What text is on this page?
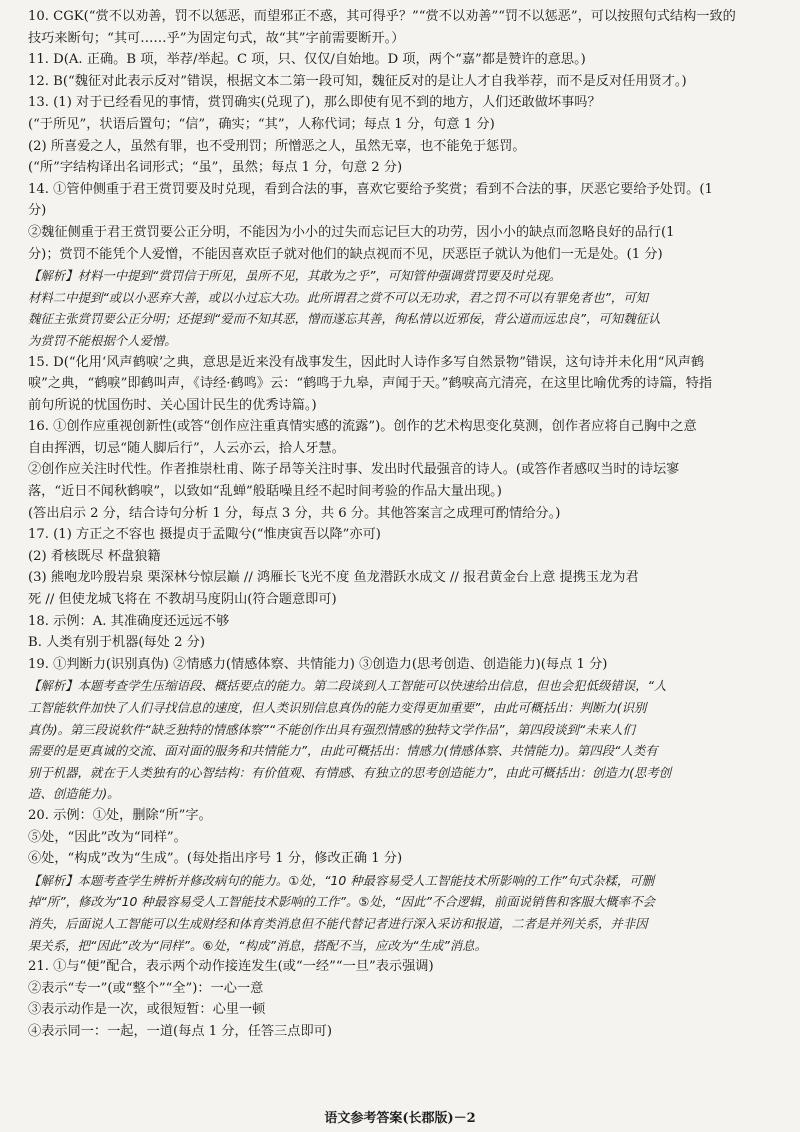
10. CGK(“赏不以劝善，罚不以惩恶，而望邪正不惑，其可得乎？”“赏不以劝善”“罚不以惩恶”，可以按照句式结构一致的
技巧来断句；“其可……乎”为固定句式，故“其”字前需要断开。）
11. D(A. 正确。B 项，举荐/举起。C 项，只、仅仅/自始地。D 项，两个“嘉”都是赞许的意思。)
12. B(“魏征对此表示反对”错误，根据文本二第一段可知，魏征反对的是让人才自我举荐，而不是反对任用贤才。)
13. (1) 对于已经看见的事情，赏罚确实(兑现了)，那么即使有见不到的地方，人们还敢做坏事吗？
(“于所见”，状语后置句；“信”，确实；“其”，人称代词；每点 1 分，句意 1 分)
(2) 所喜爱之人，虽然有罪，也不受刑罚；所憎恶之人，虽然无辜，也不能免于惩罚。
(“所”字结构译出名词形式；“虽”，虽然；每点 1 分，句意 2 分)
14. ①管仲侧重于君王赏罚要及时兑现，看到合法的事，喜欢它要给予奖赏；看到不合法的事，厌恶它要给予处罚。(1
分)
②魏征侧重于君王赏罚要公正分明，不能因为小小的过失而忘记巨大的功劳，因小小的缺点而忽略良好的品行(1
分)；赏罚不能凭个人爱憎，不能因喜欢臣子就对他们的缺点视而不见，厌恶臣子就认为他们一无是处。(1 分)
【解析】材料一中提到“赏罚信于所见，虽所不见，其敢为之乎”，可知管仲强调赏罚要及时兑现。
材料二中提到“或以小恶弃大善，或以小过忘大功。此所谓君之赏不可以无功求，君之罚不可以有罪免者也”，可知
魏征主张赏罚要公正分明；还提到“爱而不知其恶，憎而遂忘其善，徇私情以近邪佞，背公道而远忠良”，可知魏征认
为赏罚不能根据个人爱憎。
15. D(“化用‘风声鹤唳’之典，意思是近来没有战事发生，因此时人诗作多写自然景物”错误，这句诗并未化用“风声鹤
唳”之典，“鹤唳”即鹤叫声，《诗经·鹤鸣》云：“鹤鸣于九皋，声闻于天。”鹤唳高亢清亮，在这里比喻优秀的诗篇，特指
前句所说的忧国伤时、关心国计民生的优秀诗篇。)
16. ①创作应重视创新性(或答“创作应注重真情实感的流露”)。创作的艺术构思变化莫测，创作者应将自己胸中之意
自由挥洒，切忌“随人脚后行”，人云亦云，拾人牙慧。
②创作应关注时代性。作者推崇杜甫、陈子昂等关注时事、发出时代最强音的诗人。(或答作者感叹当时的诗坛寥
落，“近日不闻秋鹤唳”，以致如“乱蝉”般聒噪且经不起时间考验的作品大量出现。)
(答出启示 2 分，结合诗句分析 1 分，每点 3 分，共 6 分。其他答案言之成理可酌情给分。)
17. (1) 方正之不容也 摄提贞于孟陬兮(“惟庚寅吾以降”亦可)
(2) 肴核既尽 杯盘狼籍
(3) 熊咆龙吟殷岩泉 栗深林兮惊层巅 // 鸿雁长飞光不度 鱼龙潜跃水成文 // 报君黄金台上意 提携玉龙为君
死 // 但使龙城飞将在 不教胡马度阴山(符合题意即可)
18. 示例：A. 其准确度还远远不够
B. 人类有别于机器(每处 2 分)
19. ①判断力(识别真伪) ②情感力(情感体察、共情能力) ③创造力(思考创造、创造能力)(每点 1 分)
【解析】本题考查学生压缩语段、概括要点的能力。第二段谈到人工智能可以快速给出信息，但也会犯低级错误，“人
工智能软件加快了人们寻找信息的速度，但人类识别信息真伪的能力变得更加重要”，由此可概括出：判断力(识别
真伪)。第三段说软件“缺乏独特的情感体察”“不能创作出具有强烈情感的独特文学作品”，第四段谈到“未来人们
需要的是更真诚的交流、面对面的服务和共情能力”，由此可概括出：情感力(情感体察、共情能力)。第四段“人类有
别于机器，就在于人类独有的心智结构：有价值观、有情感、有独立的思考创造能力”，由此可概括出：创造力(思考创
造、创造能力)。
20. 示例：①处，删除“所”字。
⑤处，“因此”改为“同样”。
⑥处，“构成”改为“生成”。(每处指出序号 1 分，修改正确 1 分)
【解析】本题考查学生辨析并修改病句的能力。①处，“10 种最容易受人工智能技术所影响的工作”句式杂糅，可删
掉“所”，修改为“10 种最容易受人工智能技术影响的工作”。⑤处，“因此”不合逻辑，前面说销售和客服大概率不会
消失，后面说人工智能可以生成财经和体育类消息但不能代替记者进行深入采访和报道，二者是并列关系，并非因
果关系，把“因此”改为“同样”。⑥处，“构成”消息，搭配不当，应改为“生成”消息。
21. ①与“便”配合，表示两个动作接连发生(或“一经”“一旦”表示强调)
②表示“专一”(或“整个”“全”)：一心一意
③表示动作是一次，或很短暂：心里一顿
④表示同一：一起，一道(每点 1 分，任答三点即可)
语文参考答案(长郡版)－2
